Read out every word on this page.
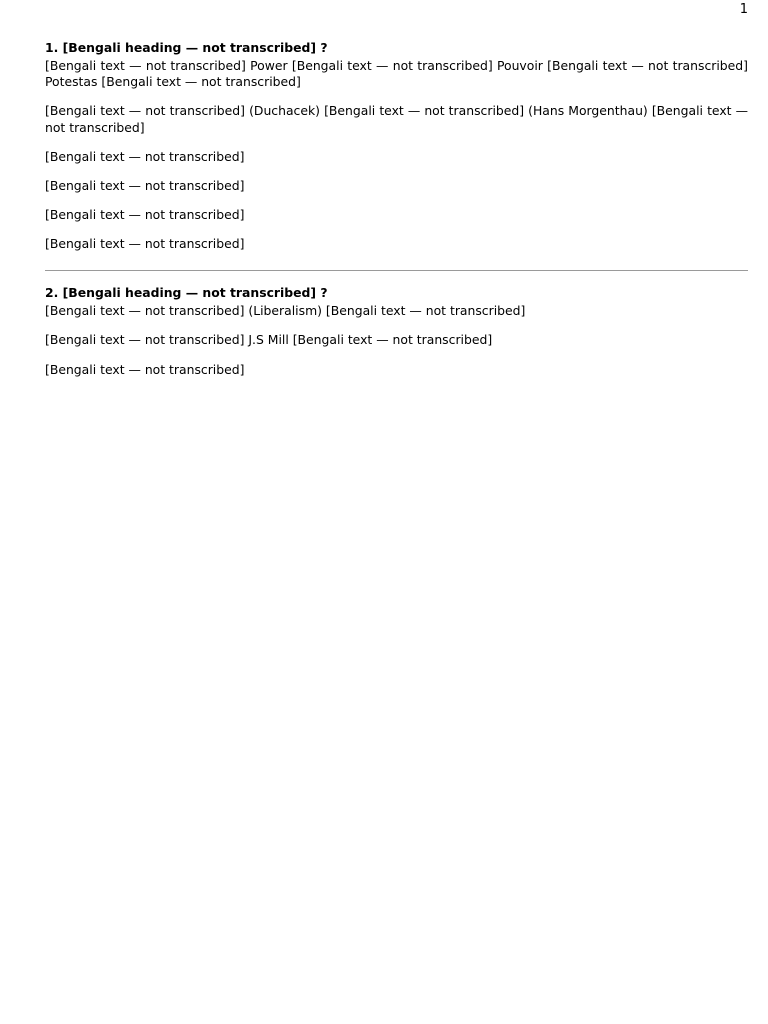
1
1. [Bengali heading — not transcribed] ?

[Bengali text — not transcribed] Power [Bengali text — not transcribed] Pouvoir [Bengali text — not transcribed] Potestas [Bengali text — not transcribed]

[Bengali text — not transcribed] (Duchacek) [Bengali text — not transcribed] (Hans Morgenthau) [Bengali text — not transcribed]

[Bengali text — not transcribed]

[Bengali text — not transcribed]

[Bengali text — not transcribed]

[Bengali text — not transcribed]

2. [Bengali heading — not transcribed] ?

[Bengali text — not transcribed] (Liberalism) [Bengali text — not transcribed]

[Bengali text — not transcribed] J.S Mill [Bengali text — not transcribed]

[Bengali text — not transcribed]
